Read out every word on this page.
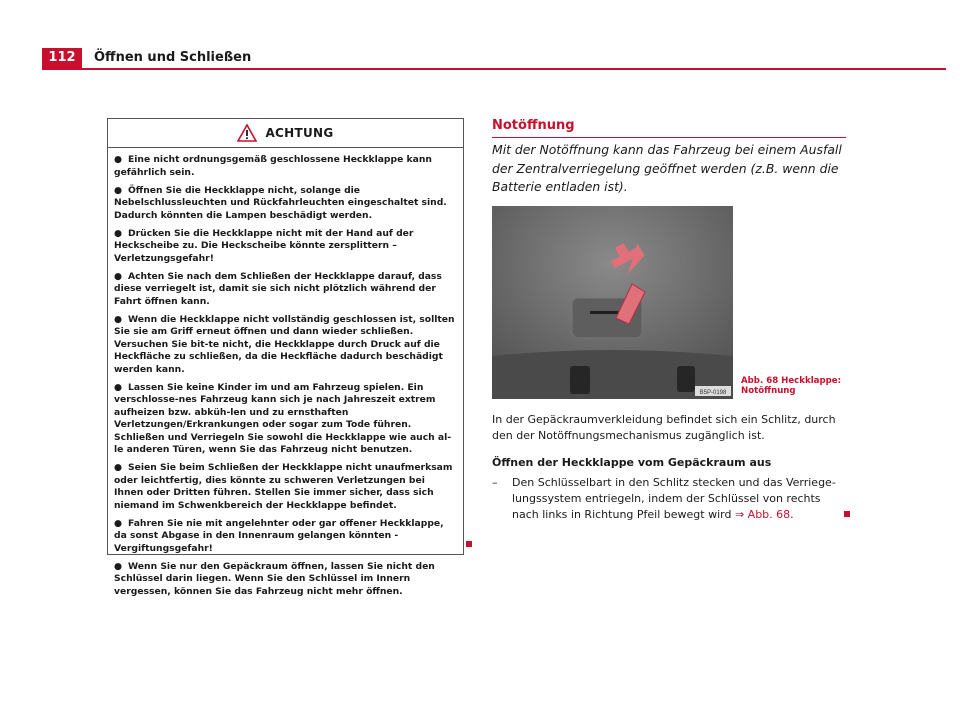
112	Öffnen und Schließen
ACHTUNG
● Eine nicht ordnungsgemäß geschlossene Heckklappe kann gefährlich sein.
● Öffnen Sie die Heckklappe nicht, solange die Nebelschlussleuchten und Rückfahrleuchten eingeschaltet sind. Dadurch könnten die Lampen beschädigt werden.
● Drücken Sie die Heckklappe nicht mit der Hand auf der Heckscheibe zu. Die Heckscheibe könnte zersplittern – Verletzungsgefahr!
● Achten Sie nach dem Schließen der Heckklappe darauf, dass diese verriegelt ist, damit sie sich nicht plötzlich während der Fahrt öffnen kann.
● Wenn die Heckklappe nicht vollständig geschlossen ist, sollten Sie sie am Griff erneut öffnen und dann wieder schließen. Versuchen Sie bit-te nicht, die Heckklappe durch Druck auf die Heckfläche zu schließen, da die Heckfläche dadurch beschädigt werden kann.
● Lassen Sie keine Kinder im und am Fahrzeug spielen. Ein verschlosse-nes Fahrzeug kann sich je nach Jahreszeit extrem aufheizen bzw. abküh-len und zu ernsthaften Verletzungen/Erkrankungen oder sogar zum Tode führen. Schließen und Verriegeln Sie sowohl die Heckklappe wie auch al-le anderen Türen, wenn Sie das Fahrzeug nicht benutzen.
● Seien Sie beim Schließen der Heckklappe nicht unaufmerksam oder leichtfertig, dies könnte zu schweren Verletzungen bei Ihnen oder Dritten führen. Stellen Sie immer sicher, dass sich niemand im Schwenkbereich der Heckklappe befindet.
● Fahren Sie nie mit angelehnter oder gar offener Heckklappe, da sonst Abgase in den Innenraum gelangen könnten - Vergiftungsgefahr!
● Wenn Sie nur den Gepäckraum öffnen, lassen Sie nicht den Schlüssel darin liegen. Wenn Sie den Schlüssel im Innern vergessen, können Sie das Fahrzeug nicht mehr öffnen.
Notöffnung
Mit der Notöffnung kann das Fahrzeug bei einem Ausfall der Zentralverriegelung geöffnet werden (z.B. wenn die Batterie entladen ist).
B5P-0198
Abb. 68 Heckklappe:
Notöffnung
In der Gepäckraumverkleidung befindet sich ein Schlitz, durch den der Notöffnungsmechanismus zugänglich ist.
Öffnen der Heckklappe vom Gepäckraum aus
–	Den Schlüsselbart in den Schlitz stecken und das Verriege-lungssystem entriegeln, indem der Schlüssel von rechts nach links in Richtung Pfeil bewegt wird ⇒ Abb. 68.
